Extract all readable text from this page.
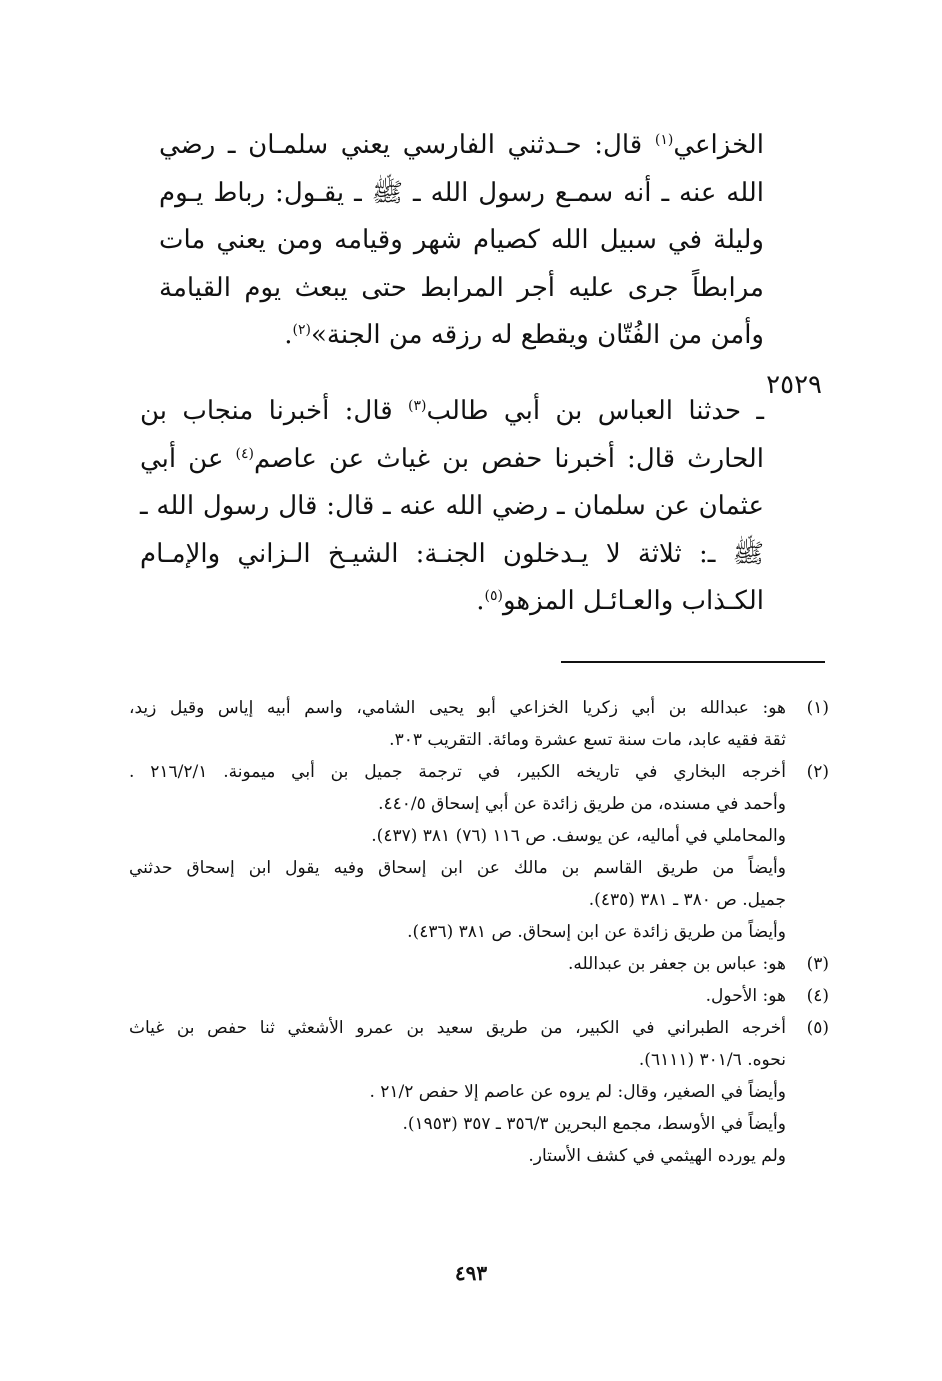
الخزاعي$^{(١)}$ قال: حـدثني الفارسي يعني سلمـان ـ رضي الله عنه ـ أنه سمـع رسول الله ـ ﷺ ـ يقـول: رباط يـوم وليلة في سبيل الله كصيام شهر وقيامه ومن يعني مات مرابطاً جرى عليه أجر المرابط حتى يبعث يوم القيامة وأمن من الفُتّان ويقطع له رزقه من الجنة»$^{(٢)}$.

٢٥٢٩

ـ حدثنا العباس بن أبي طالب$^{(٣)}$ قال: أخبرنا منجاب بن الحارث قال: أخبرنا حفص بن غياث عن عاصم$^{(٤)}$ عن أبي عثمان عن سلمان ـ رضي الله عنه ـ قال: قال رسول الله ـ ﷺ ـ: ثلاثة لا يـدخلون الجنـة: الشيـخ الـزاني والإمـام الكـذاب والعـائـل المزهو$^{(٥)}$.

(١)
هو: عبدالله بن أبي زكريا الخزاعي أبو يحيى الشامي، واسم أبيه إياس وقيل زيد،
ثقة فقيه عابد، مات سنة تسع عشرة ومائة. التقريب ٣٠٣.
(٢)
أخرجه البخاري في تاريخه الكبير، في ترجمة جميل بن أبي ميمونة. ٢١٦/٢/١ .
وأحمد في مسنده، من طريق زائدة عن أبي إسحاق ٤٤٠/٥.
والمحاملي في أماليه، عن يوسف. ص ١١٦ (٧٦) ٣٨١ (٤٣٧).
وأيضاً من طريق القاسم بن مالك عن ابن إسحاق وفيه يقول ابن إسحاق حدثني
جميل. ص ٣٨٠ ـ ٣٨١ (٤٣٥).
وأيضاً من طريق زائدة عن ابن إسحاق. ص ٣٨١ (٤٣٦).
(٣)
هو: عباس بن جعفر بن عبدالله.
(٤)
هو: الأحول.
(٥)
أخرجه الطبراني في الكبير، من طريق سعيد بن عمرو الأشعثي ثنا حفص بن غياث
نحوه. ٣٠١/٦ (٦١١١).
وأيضاً في الصغير، وقال: لم يروه عن عاصم إلا حفص ٢١/٢ .
وأيضاً في الأوسط، مجمع البحرين ٣٥٦/٣ ـ ٣٥٧ (١٩٥٣).
ولم يورده الهيثمي في كشف الأستار.
٤٩٣
